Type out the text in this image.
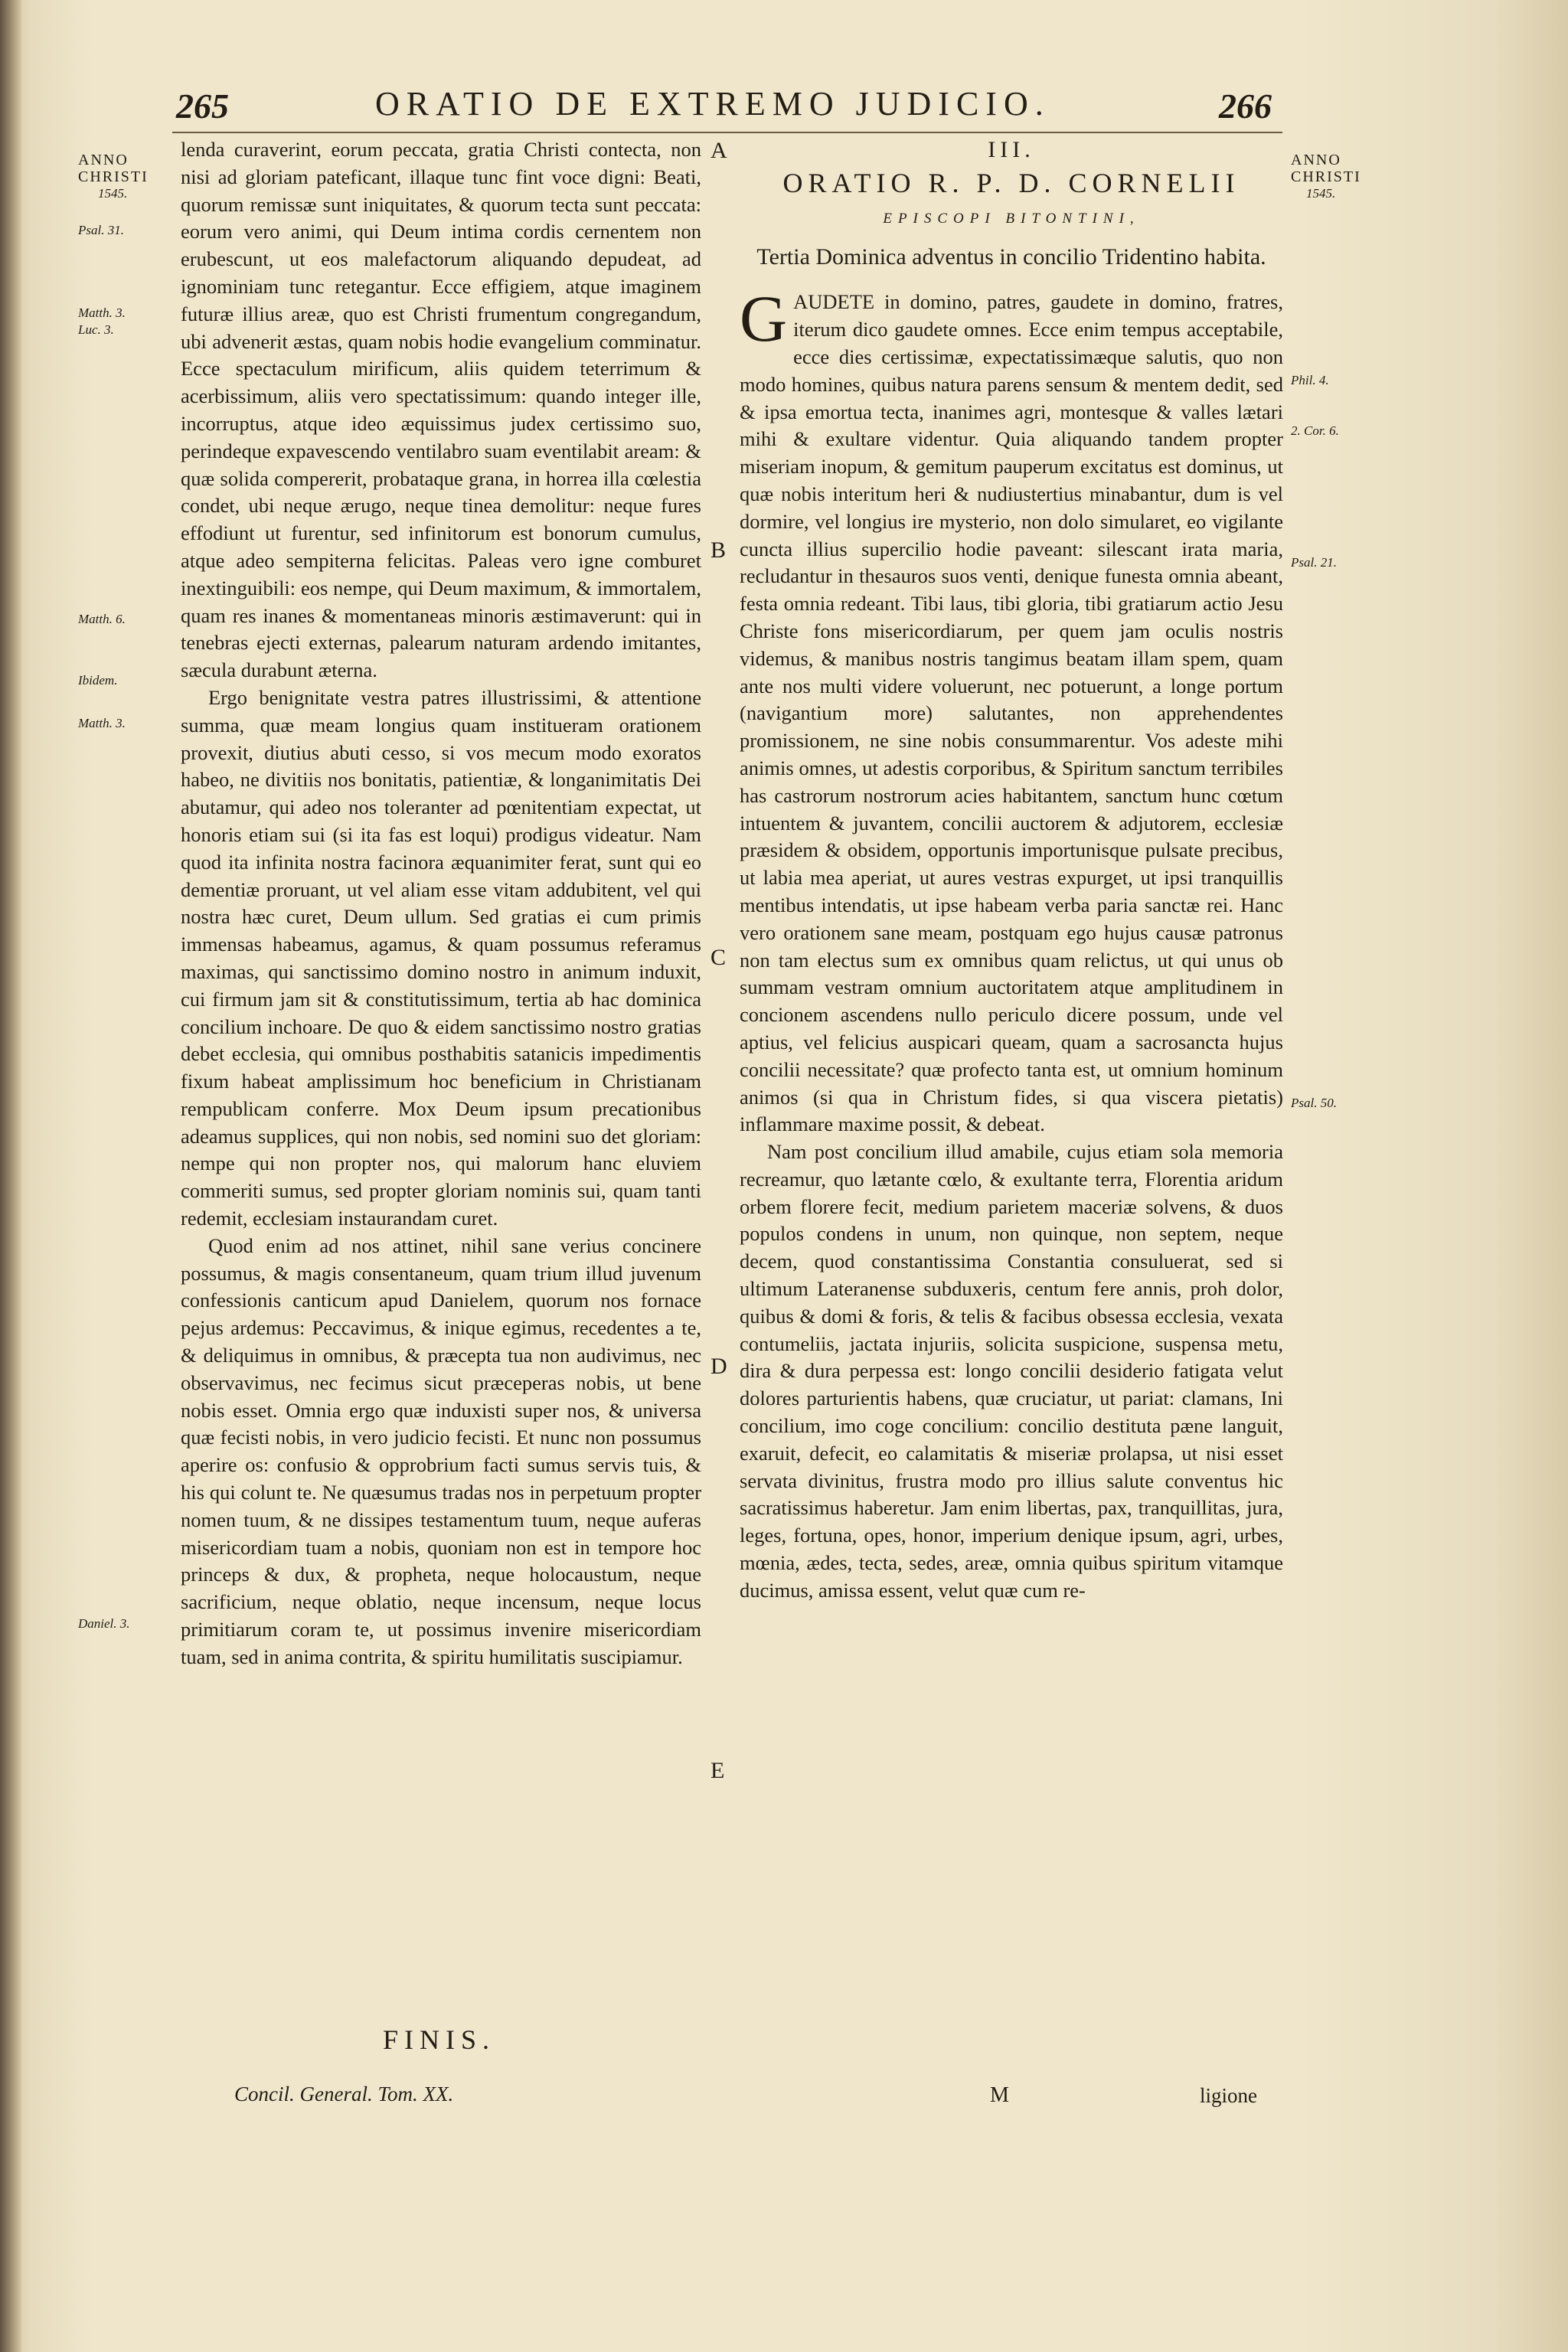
265	ORATIO DE EXTREMO JUDICIO.	266
ANNO
CHRISTI
1545.
Psal. 31.
Matth. 3.
Luc. 3.
Matth. 6.
Ibidem.
Matth. 3.
Daniel. 3.
A
B
C
D
E

lenda curaverint, eorum peccata, gratia Christi contecta, non nisi ad gloriam pateficant, illaque tunc fint voce digni: Beati, quorum remissæ sunt iniquitates, & quorum tecta sunt peccata: eorum vero animi, qui Deum intima cordis cernentem non erubescunt, ut eos malefactorum aliquando depudeat, ad ignominiam tunc retegantur. Ecce effigiem, atque imaginem futuræ illius areæ, quo est Christi frumentum congregandum, ubi advenerit æstas, quam nobis hodie evangelium comminatur. Ecce spectaculum mirificum, aliis quidem teterrimum & acerbissimum, aliis vero spectatissimum: quando integer ille, incorruptus, atque ideo æquissimus judex certissimo suo, perindeque expavescendo ventilabro suam eventilabit aream: & quæ solida compererit, probataque grana, in horrea illa cœlestia condet, ubi neque ærugo, neque tinea demolitur: neque fures effodiunt ut furentur, sed infinitorum est bonorum cumulus, atque adeo sempiterna felicitas. Paleas vero igne comburet inextinguibili: eos nempe, qui Deum maximum, & immortalem, quam res inanes & momentaneas minoris æstimaverunt: qui in tenebras ejecti externas, palearum naturam ardendo imitantes, sæcula durabunt æterna.

Ergo benignitate vestra patres illustrissimi, & attentione summa, quæ meam longius quam institueram orationem provexit, diutius abuti cesso, si vos mecum modo exoratos habeo, ne divitiis nos bonitatis, patientiæ, & longanimitatis Dei abutamur, qui adeo nos toleranter ad pœnitentiam expectat, ut honoris etiam sui (si ita fas est loqui) prodigus videatur. Nam quod ita infinita nostra facinora æquanimiter ferat, sunt qui eo dementiæ proruant, ut vel aliam esse vitam addubitent, vel qui nostra hæc curet, Deum ullum. Sed gratias ei cum primis immensas habeamus, agamus, & quam possumus referamus maximas, qui sanctissimo domino nostro in animum induxit, cui firmum jam sit & constitutissimum, tertia ab hac dominica concilium inchoare. De quo & eidem sanctissimo nostro gratias debet ecclesia, qui omnibus posthabitis satanicis impedimentis fixum habeat amplissimum hoc beneficium in Christianam rempublicam conferre. Mox Deum ipsum precationibus adeamus supplices, qui non nobis, sed nomini suo det gloriam: nempe qui non propter nos, qui malorum hanc eluviem commeriti sumus, sed propter gloriam nominis sui, quam tanti redemit, ecclesiam instaurandam curet.

Quod enim ad nos attinet, nihil sane verius concinere possumus, & magis consentaneum, quam trium illud juvenum confessionis canticum apud Danielem, quorum nos fornace pejus ardemus: Peccavimus, & inique egimus, recedentes a te, & deliquimus in omnibus, & præcepta tua non audivimus, nec observavimus, nec fecimus sicut præceperas nobis, ut bene nobis esset. Omnia ergo quæ induxisti super nos, & universa quæ fecisti nobis, in vero judicio fecisti. Et nunc non possumus aperire os: confusio & opprobrium facti sumus servis tuis, & his qui colunt te. Ne quæsumus tradas nos in perpetuum propter nomen tuum, & ne dissipes testamentum tuum, neque auferas misericordiam tuam a nobis, quoniam non est in tempore hoc princeps & dux, & propheta, neque holocaustum, neque sacrificium, neque oblatio, neque incensum, neque locus primitiarum coram te, ut possimus invenire misericordiam tuam, sed in anima contrita, & spiritu humilitatis suscipiamur.

III.
ORATIO R. P. D. CORNELII
EPISCOPI BITONTINI,
Tertia Dominica adventus in concilio Tridentino habita.
G AUDETE in domino, patres, gaudete in domino, fratres, iterum dico gaudete omnes. Ecce enim tempus acceptabile, ecce dies certissimæ, expectatissimæque salutis, quo non modo homines, quibus natura parens sensum & mentem dedit, sed & ipsa emortua tecta, inanimes agri, montesque & valles lætari mihi & exultare videntur. Quia aliquando tandem propter miseriam inopum, & gemitum pauperum excitatus est dominus, ut quæ nobis interitum heri & nudiustertius minabantur, dum is vel dormire, vel longius ire mysterio, non dolo simularet, eo vigilante cuncta illius supercilio hodie paveant: silescant irata maria, recludantur in thesauros suos venti, denique funesta omnia abeant, festa omnia redeant. Tibi laus, tibi gloria, tibi gratiarum actio Jesu Christe fons misericordiarum, per quem jam oculis nostris videmus, & manibus nostris tangimus beatam illam spem, quam ante nos multi videre voluerunt, nec potuerunt, a longe portum (navigantium more) salutantes, non apprehendentes promissionem, ne sine nobis consummarentur. Vos adeste mihi animis omnes, ut adestis corporibus, & Spiritum sanctum terribiles has castrorum nostrorum acies habitantem, sanctum hunc cœtum intuentem & juvantem, concilii auctorem & adjutorem, ecclesiæ præsidem & obsidem, opportunis importunisque pulsate precibus, ut labia mea aperiat, ut aures vestras expurget, ut ipsi tranquillis mentibus intendatis, ut ipse habeam verba paria sanctæ rei. Hanc vero orationem sane meam, postquam ego hujus causæ patronus non tam electus sum ex omnibus quam relictus, ut qui unus ob summam vestram omnium auctoritatem atque amplitudinem in concionem ascendens nullo periculo dicere possum, unde vel aptius, vel felicius auspicari queam, quam a sacrosancta hujus concilii necessitate? quæ profecto tanta est, ut omnium hominum animos (si qua in Christum fides, si qua viscera pietatis) inflammare maxime possit, & debeat.

Nam post concilium illud amabile, cujus etiam sola memoria recreamur, quo lætante cœlo, & exultante terra, Florentia aridum orbem florere fecit, medium parietem maceriæ solvens, & duos populos condens in unum, non quinque, non septem, neque decem, quod constantissima Constantia consuluerat, sed si ultimum Lateranense subduxeris, centum fere annis, proh dolor, quibus & domi & foris, & telis & facibus obsessa ecclesia, vexata contumeliis, jactata injuriis, solicita suspicione, suspensa metu, dira & dura perpessa est: longo concilii desiderio fatigata velut dolores parturientis habens, quæ cruciatur, ut pariat: clamans, Ini concilium, imo coge concilium: concilio destituta pæne languit, exaruit, defecit, eo calamitatis & miseriæ prolapsa, ut nisi esset servata divinitus, frustra modo pro illius salute conventus hic sacratissimus haberetur. Jam enim libertas, pax, tranquillitas, jura, leges, fortuna, opes, honor, imperium denique ipsum, agri, urbes, mœnia, ædes, tecta, sedes, areæ, omnia quibus spiritum vitamque ducimus, amissa essent, velut quæ cum re-

ANNO
CHRISTI
1545.
Phil. 4.
2. Cor. 6.
Psal. 21.
Psal. 50.
FINIS.
Concil. General. Tom. XX.	M	ligione
